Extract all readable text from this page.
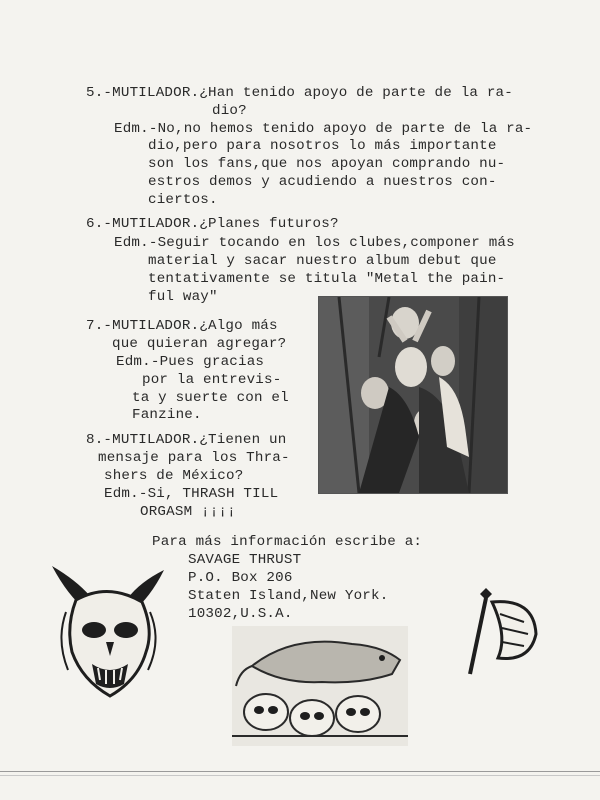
5.-MUTILADOR.¿Han tenido apoyo de parte de la ra-
dio?
Edm.-No,no hemos tenido apoyo de parte de la ra-
dio,pero para nosotros lo más importante
son los fans,que nos apoyan comprando nu-
estros demos y acudiendo a nuestros con-
ciertos.
6.-MUTILADOR.¿Planes futuros?
Edm.-Seguir tocando en los clubes,componer más
material y sacar nuestro album debut que
tentativamente se titula "Metal the pain-
ful way"
7.-MUTILADOR.¿Algo más
que quieran agregar?
Edm.-Pues gracias
por la entrevis-
ta y suerte con el
Fanzine.
8.-MUTILADOR.¿Tienen un
mensaje para los Thra-
shers de México?
Edm.-Si, THRASH TILL
ORGASM ¡¡¡¡
Para más información escribe a:
SAVAGE THRUST
P.O. Box 206
Staten Island,New York.
10302,U.S.A.
